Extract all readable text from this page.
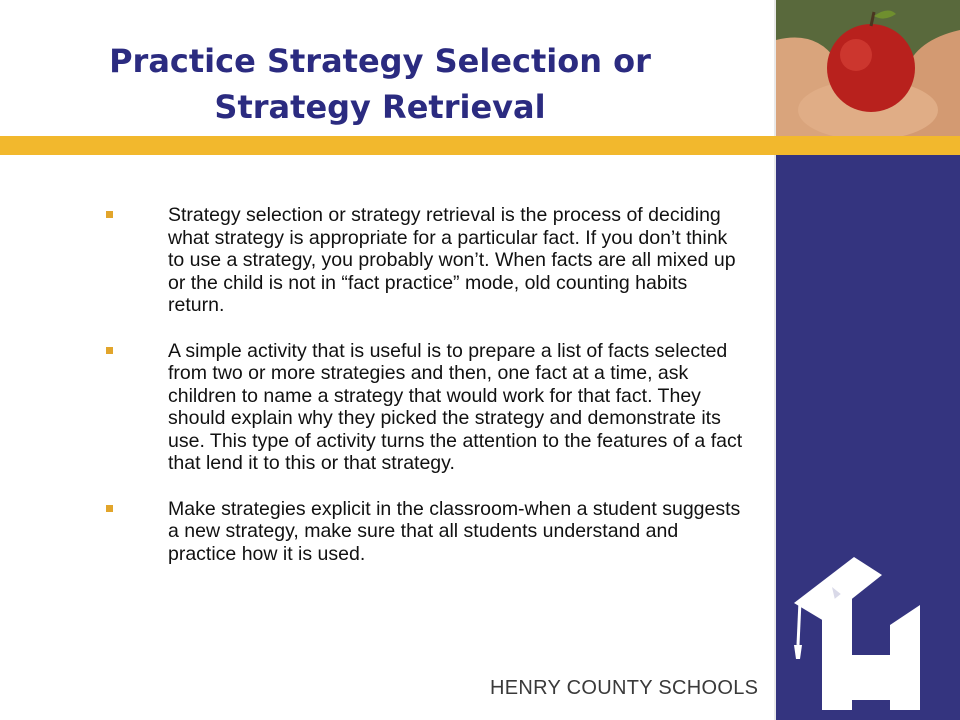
Practice Strategy Selection or
Strategy Retrieval
Strategy selection or strategy retrieval is the process of deciding what strategy is appropriate for a particular fact. If you don’t think to use a strategy, you probably won’t. When facts are all mixed up or the child is not in “fact practice” mode, old counting habits return.
A simple activity that is useful is to prepare a list of facts selected from two or more strategies and then, one fact at a time, ask children to name a strategy that would work for that fact. They should explain why they picked the strategy and demonstrate its use. This type of activity turns the attention to the features of a fact that lend it to this or that strategy.
Make strategies explicit in the classroom-when a student suggests a new strategy, make sure that all students understand and practice how it is used.
HENRY COUNTY SCHOOLS
